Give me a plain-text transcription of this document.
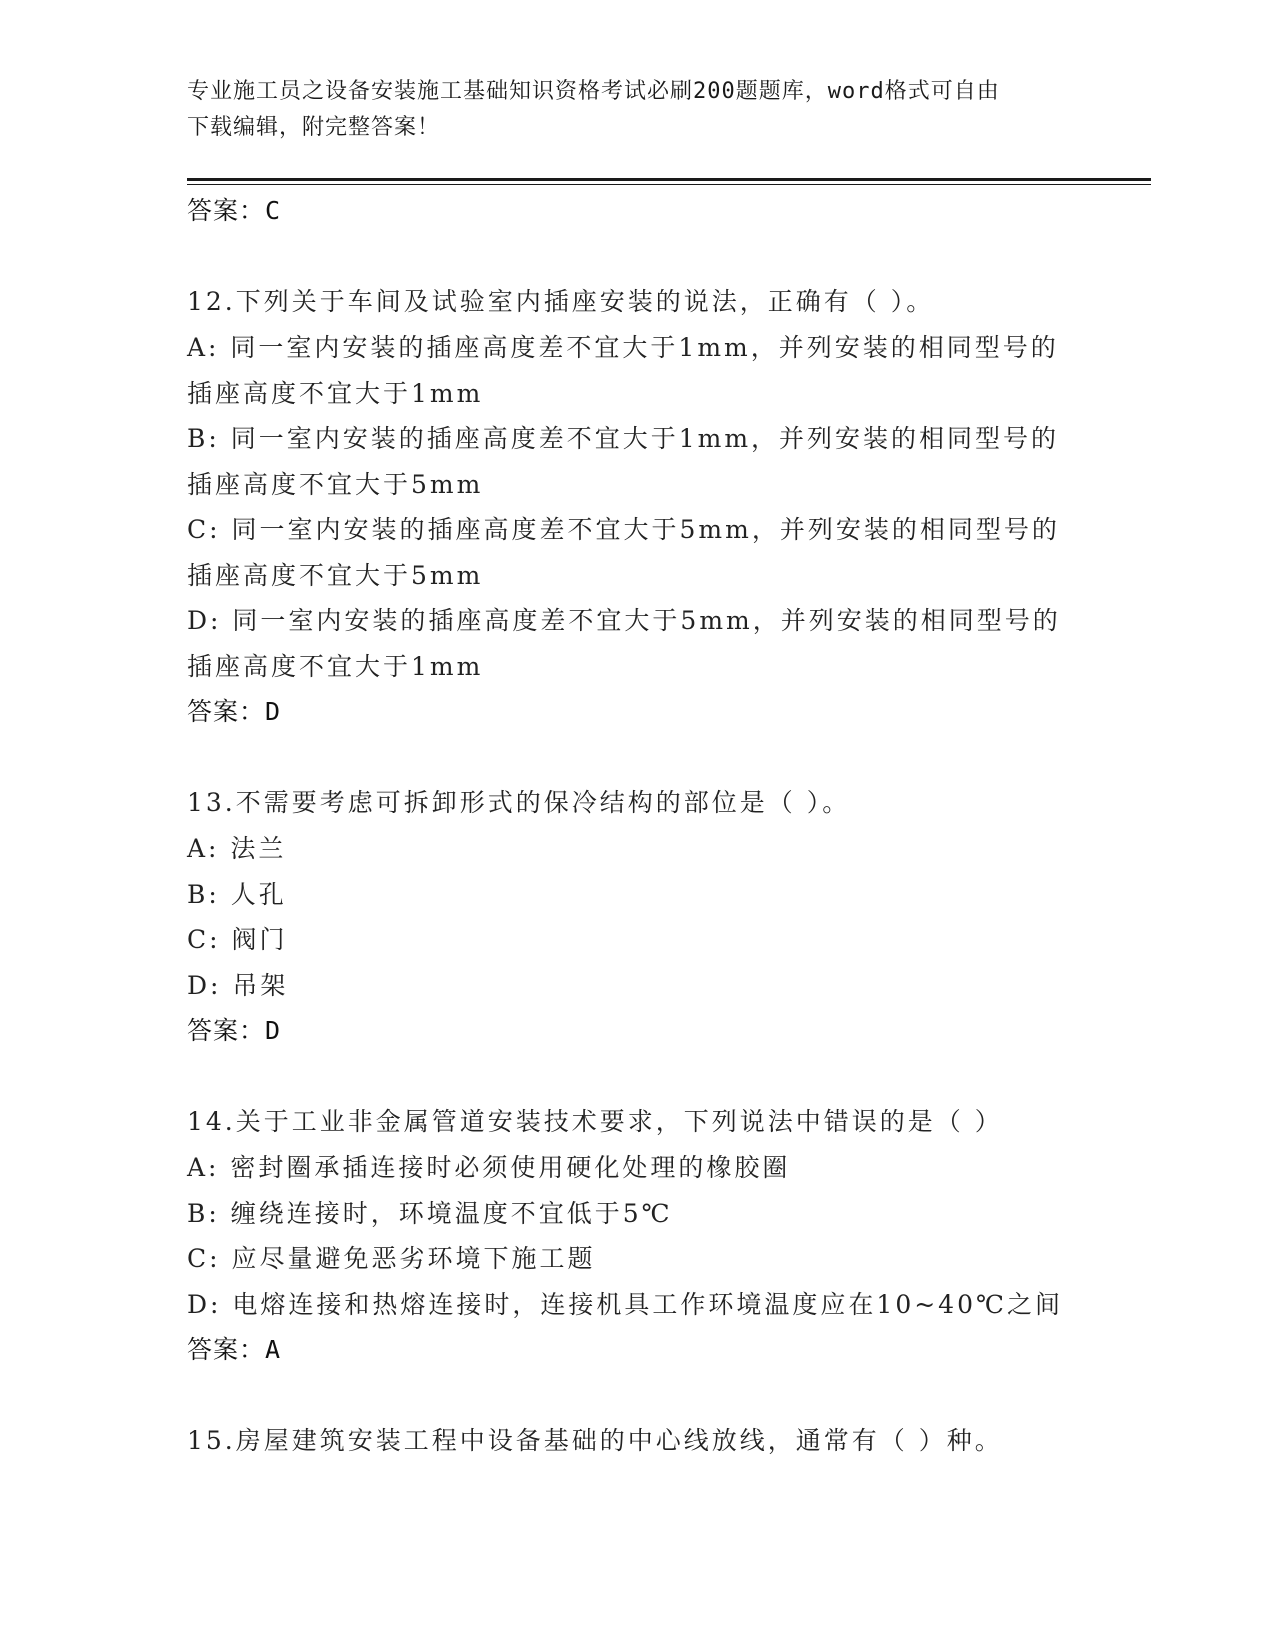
专业施工员之设备安装施工基础知识资格考试必刷200题题库，word格式可自由
下载编辑，附完整答案！
答案：C
12.下列关于车间及试验室内插座安装的说法，正确有（ ）。
A: 同一室内安装的插座高度差不宜大于1mm，并列安装的相同型号的
插座高度不宜大于1mm
B: 同一室内安装的插座高度差不宜大于1mm，并列安装的相同型号的
插座高度不宜大于5mm
C: 同一室内安装的插座高度差不宜大于5mm，并列安装的相同型号的
插座高度不宜大于5mm
D: 同一室内安装的插座高度差不宜大于5mm，并列安装的相同型号的
插座高度不宜大于1mm
答案：D
13.不需要考虑可拆卸形式的保冷结构的部位是（ ）。
A: 法兰
B: 人孔
C: 阀门
D: 吊架
答案：D
14.关于工业非金属管道安装技术要求，下列说法中错误的是（ ）
A: 密封圈承插连接时必须使用硬化处理的橡胶圈
B: 缠绕连接时，环境温度不宜低于5℃
C: 应尽量避免恶劣环境下施工题
D: 电熔连接和热熔连接时，连接机具工作环境温度应在10~40℃之间
答案：A
15.房屋建筑安装工程中设备基础的中心线放线，通常有（ ）种。
